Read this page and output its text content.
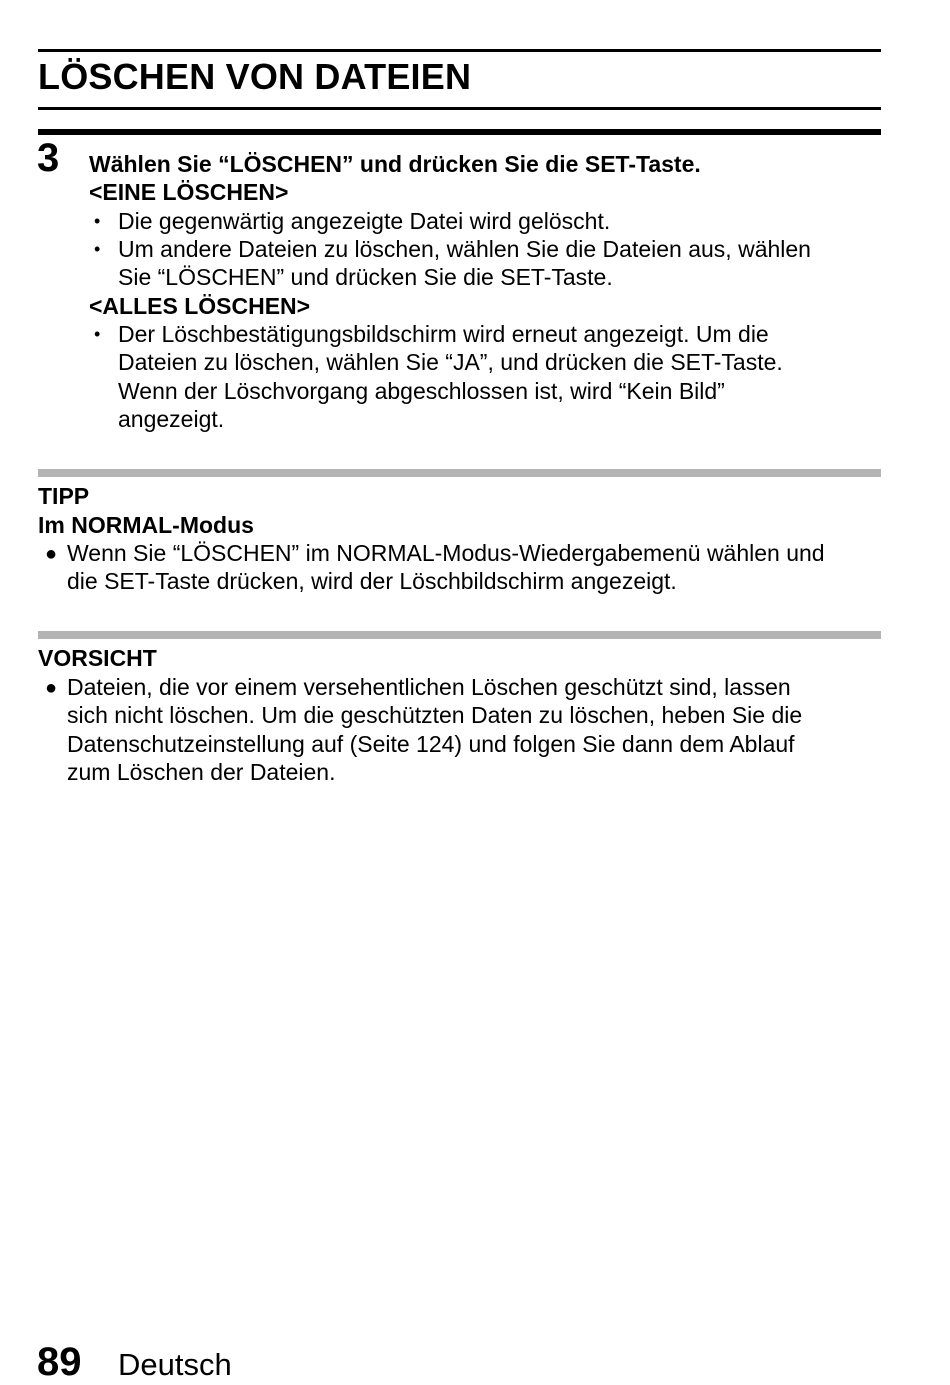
LÖSCHEN VON DATEIEN
3 Wählen Sie “LÖSCHEN” und drücken Sie die SET-Taste.
<EINE LÖSCHEN>
• Die gegenwärtig angezeigte Datei wird gelöscht.
• Um andere Dateien zu löschen, wählen Sie die Dateien aus, wählen
Sie “LÖSCHEN” und drücken Sie die SET-Taste.
<ALLES LÖSCHEN>
• Der Löschbestätigungsbildschirm wird erneut angezeigt. Um die
Dateien zu löschen, wählen Sie “JA”, und drücken die SET-Taste.
Wenn der Löschvorgang abgeschlossen ist, wird “Kein Bild”
angezeigt.
TIPP
Im NORMAL-Modus
● Wenn Sie “LÖSCHEN” im NORMAL-Modus-Wiedergabemenü wählen und
die SET-Taste drücken, wird der Löschbildschirm angezeigt.
VORSICHT
● Dateien, die vor einem versehentlichen Löschen geschützt sind, lassen
sich nicht löschen. Um die geschützten Daten zu löschen, heben Sie die
Datenschutzeinstellung auf (Seite 124) und folgen Sie dann dem Ablauf
zum Löschen der Dateien.
89 Deutsch
